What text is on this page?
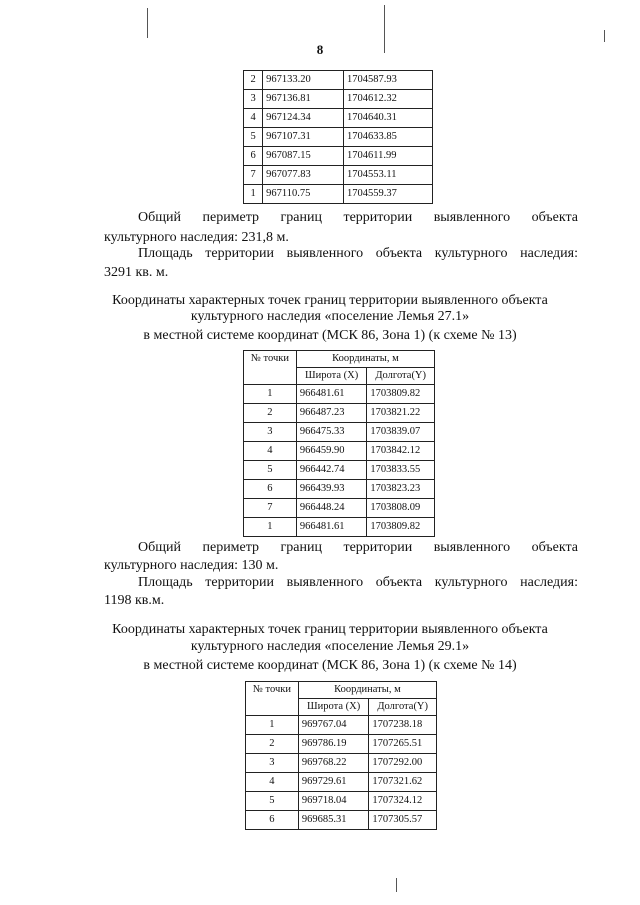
8
2	967133.20	1704587.93
3	967136.81	1704612.32
4	967124.34	1704640.31
5	967107.31	1704633.85
6	967087.15	1704611.99
7	967077.83	1704553.11
1	967110.75	1704559.37
Общий периметр границ территории выявленного объекта
культурного наследия: 231,8 м.
Площадь территории выявленного объекта культурного наследия:
3291 кв. м.
Координаты характерных точек границ территории выявленного объекта
культурного наследия «поселение Лемья 27.1»
в местной системе координат (МСК 86, Зона 1) (к схеме № 13)
№ точки	Координаты, м	
	Широта (X)	Долгота(Y)
1	966481.61	1703809.82
2	966487.23	1703821.22
3	966475.33	1703839.07
4	966459.90	1703842.12
5	966442.74	1703833.55
6	966439.93	1703823.23
7	966448.24	1703808.09
1	966481.61	1703809.82
Общий периметр границ территории выявленного объекта
культурного наследия: 130 м.
Площадь территории выявленного объекта культурного наследия:
1198 кв.м.
Координаты характерных точек границ территории выявленного объекта
культурного наследия «поселение Лемья 29.1»
в местной системе координат (МСК 86, Зона 1) (к схеме № 14)
№ точки	Координаты, м	
	Широта (X)	Долгота(Y)
1	969767.04	1707238.18
2	969786.19	1707265.51
3	969768.22	1707292.00
4	969729.61	1707321.62
5	969718.04	1707324.12
6	969685.31	1707305.57
